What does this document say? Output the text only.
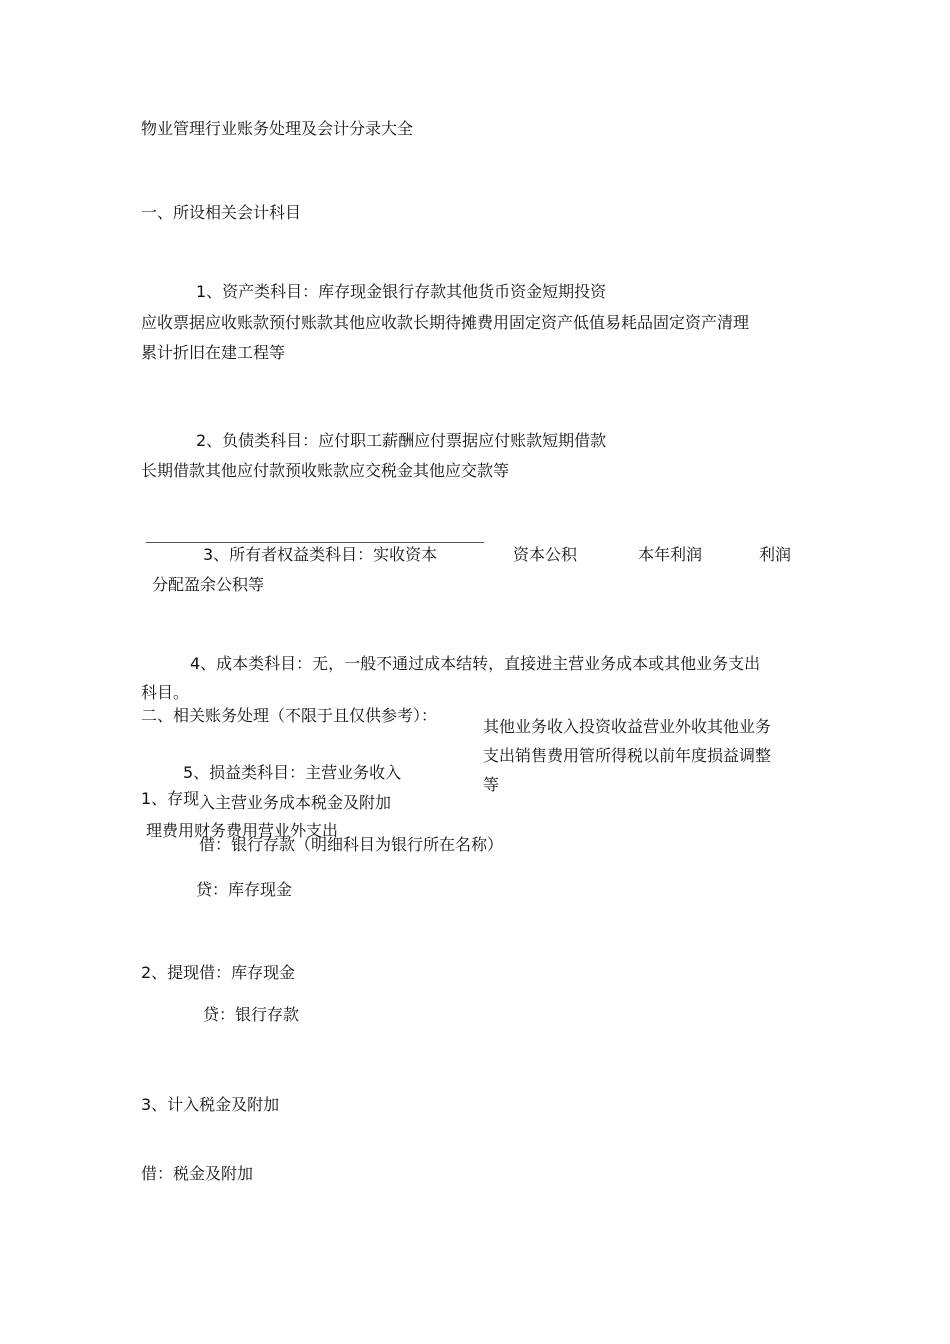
物业管理行业账务处理及会计分录大全
一、所设相关会计科目
1、资产类科目：库存现金银行存款其他货币资金短期投资
应收票据应收账款预付账款其他应收款长期待摊费用固定资产低值易耗品固定资产清理
累计折旧在建工程等
2、负债类科目：应付职工薪酬应付票据应付账款短期借款
长期借款其他应付款预收账款应交税金其他应交款等
3、所有者权益类科目：实收资本	资本公积	本年利润	利润
分配盈余公积等
4、成本类科目：无，一般不通过成本结转，直接进主营业务成本或其他业务支出
科目。
二、相关账务处理（不限于且仅供参考）：
其他业务收入投资收益营业外收其他业务
支出销售费用管所得税以前年度损益调整
等
5、损益类科目：主营业务收入
1、存现 入主营业务成本税金及附加
理费用财务费用营业外支出
借：银行存款（明细科目为银行所在名称）
贷：库存现金
2、提现借：库存现金
贷：银行存款
3、计入税金及附加
借：税金及附加
